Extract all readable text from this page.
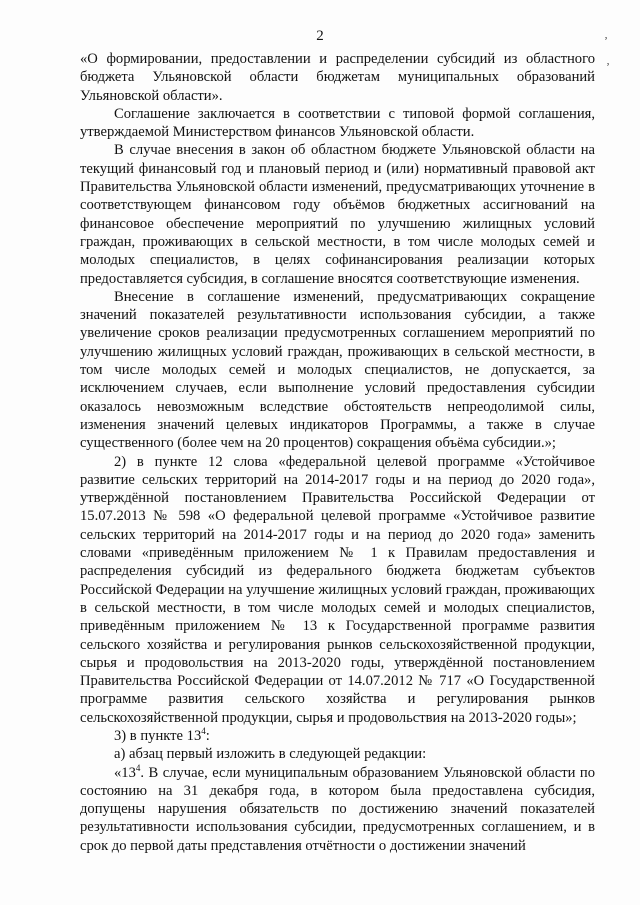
2	ʼ
ʼ

«О формировании, предоставлении и распределении субсидий из областного бюджета Ульяновской области бюджетам муниципальных образований Ульяновской области».

Соглашение заключается в соответствии с типовой формой соглашения, утверждаемой Министерством финансов Ульяновской области.

В случае внесения в закон об областном бюджете Ульяновской области на текущий финансовый год и плановый период и (или) нормативный правовой акт Правительства Ульяновской области изменений, предусматривающих уточнение в соответствующем финансовом году объёмов бюджетных ассигнований на финансовое обеспечение мероприятий по улучшению жилищных условий граждан, проживающих в сельской местности, в том числе молодых семей и молодых специалистов, в целях софинансирования реализации которых предоставляется субсидия, в соглашение вносятся соответствующие изменения.

Внесение в соглашение изменений, предусматривающих сокращение значений показателей результативности использования субсидии, а также увеличение сроков реализации предусмотренных соглашением мероприятий по улучшению жилищных условий граждан, проживающих в сельской местности, в том числе молодых семей и молодых специалистов, не допускается, за исключением случаев, если выполнение условий предоставления субсидии оказалось невозможным вследствие обстоятельств непреодолимой силы, изменения значений целевых индикаторов Программы, а также в случае существенного (более чем на 20 процентов) сокращения объёма субсидии.»;

2) в пункте 12 слова «федеральной целевой программе «Устойчивое развитие сельских территорий на 2014-2017 годы и на период до 2020 года», утверждённой постановлением Правительства Российской Федерации от 15.07.2013 № 598 «О федеральной целевой программе «Устойчивое развитие сельских территорий на 2014-2017 годы и на период до 2020 года» заменить словами «приведённым приложением № 1 к Правилам предоставления и распределения субсидий из федерального бюджета бюджетам субъектов Российской Федерации на улучшение жилищных условий граждан, проживающих в сельской местности, в том числе молодых семей и молодых специалистов, приведённым приложением № 13 к Государственной программе развития сельского хозяйства и регулирования рынков сельскохозяйственной продукции, сырья и продовольствия на 2013-2020 годы, утверждённой постановлением Правительства Российской Федерации от 14.07.2012 № 717 «О Государственной программе развития сельского хозяйства и регулирования рынков сельскохозяйственной продукции, сырья и продовольствия на 2013-2020 годы»;

3) в пункте $13^4$:

а) абзац первый изложить в следующей редакции:

«$13^4$. В случае, если муниципальным образованием Ульяновской области по состоянию на 31 декабря года, в котором была предоставлена субсидия, допущены нарушения обязательств по достижению значений показателей результативности использования субсидии, предусмотренных соглашением, и в срок до первой даты представления отчётности о достижении значений
